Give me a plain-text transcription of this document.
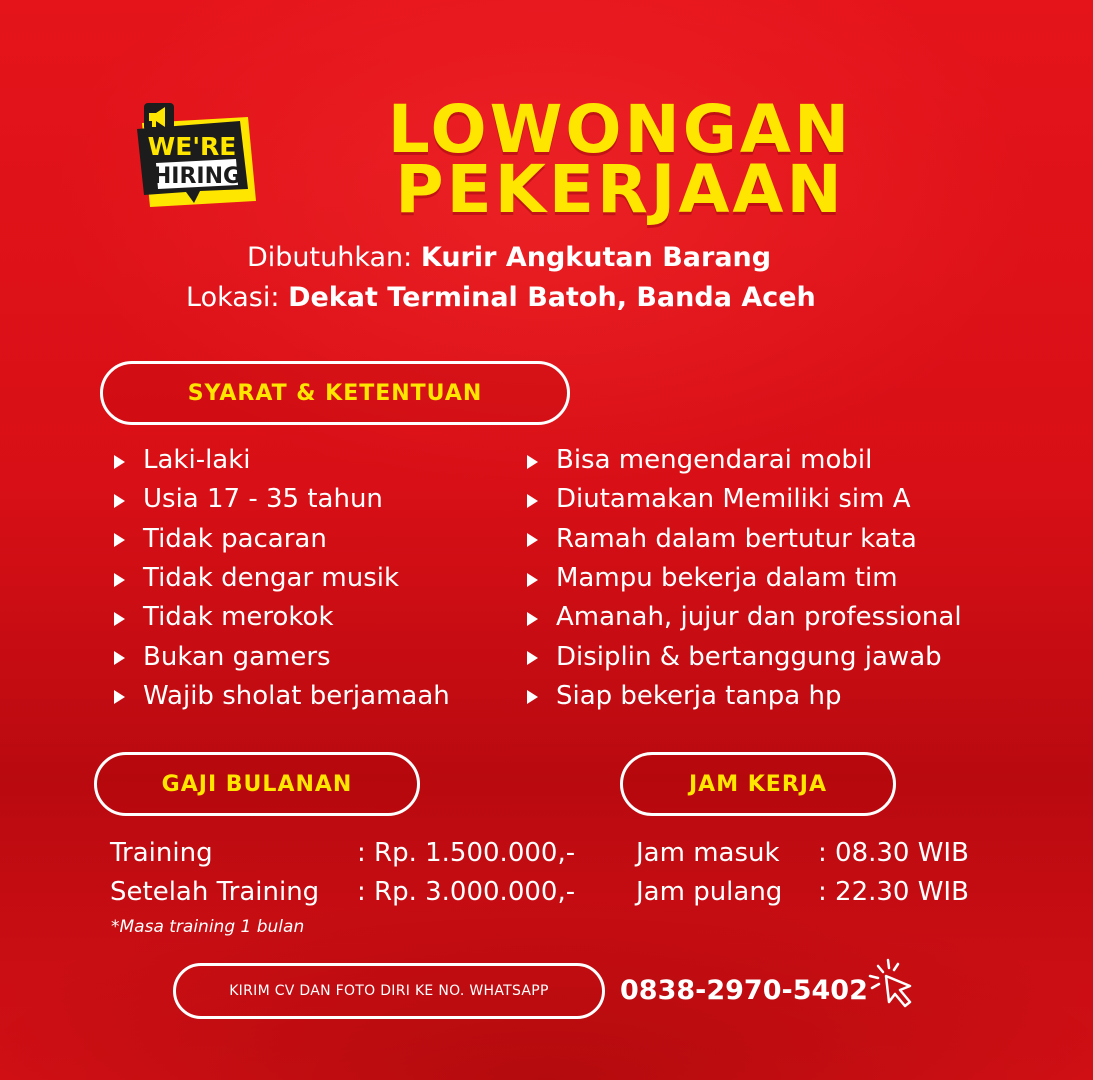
WE'RE
HIRING
LOWONGAN
PEKERJAAN
Dibutuhkan: Kurir Angkutan Barang
Lokasi: Dekat Terminal Batoh, Banda Aceh
SYARAT & KETENTUAN
Laki-laki
Usia 17 - 35 tahun
Tidak pacaran
Tidak dengar musik
Tidak merokok
Bukan gamers
Wajib sholat berjamaah
Bisa mengendarai mobil
Diutamakan Memiliki sim A
Ramah dalam bertutur kata
Mampu bekerja dalam tim
Amanah, jujur dan professional
Disiplin & bertanggung jawab
Siap bekerja tanpa hp
GAJI BULANAN
Training	: Rp. 1.500.000,-
Setelah Training : Rp. 3.000.000,-
*Masa training 1 bulan
JAM KERJA
Jam masuk : 08.30 WIB
Jam pulang : 22.30 WIB
KIRIM CV DAN FOTO DIRI KE NO. WHATSAPP	0838-2970-5402
